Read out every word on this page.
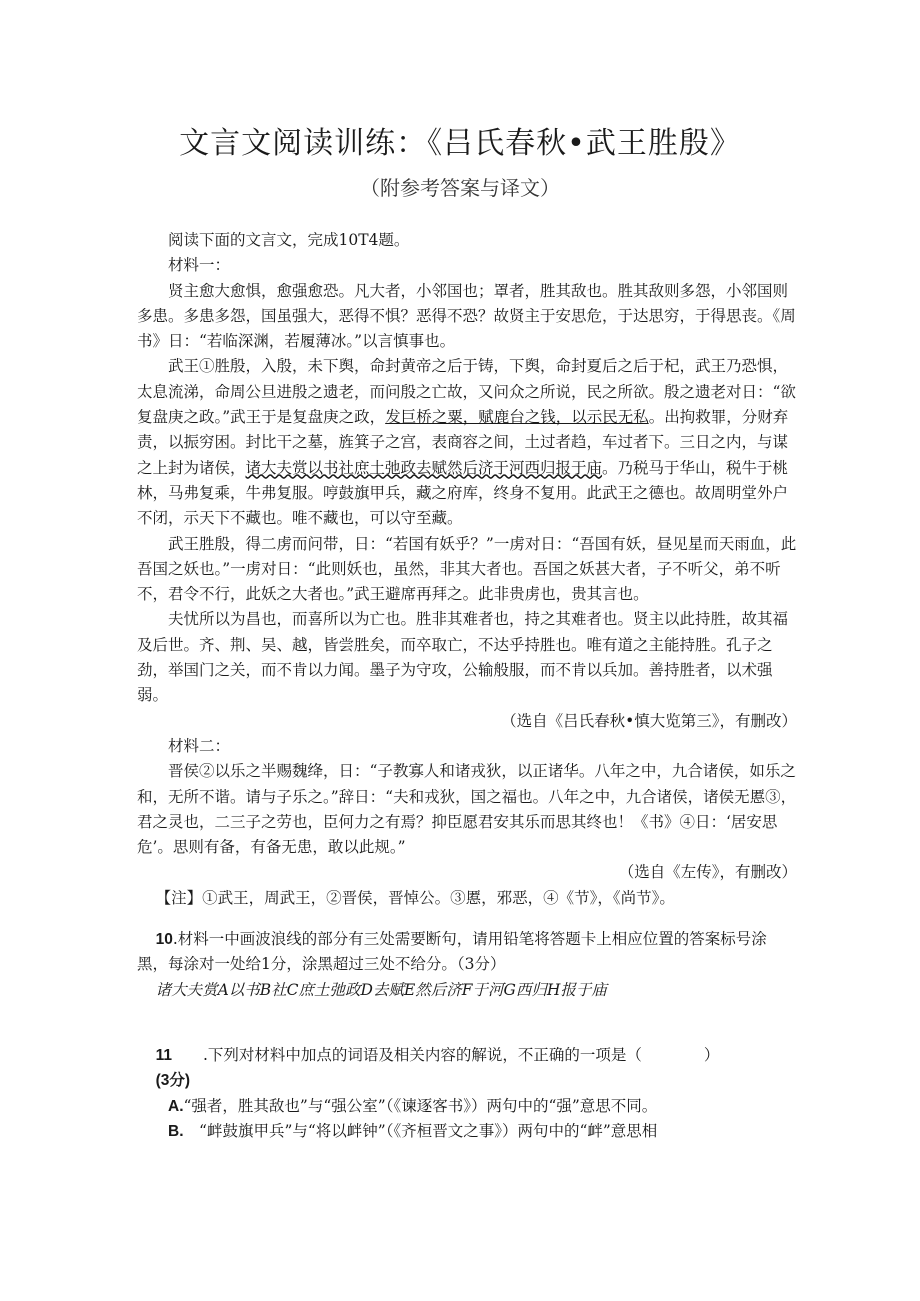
文言文阅读训练：《吕氏春秋•武王胜殷》
（附参考答案与译文）

阅读下面的文言文，完成10T4题。

材料一：

贤主愈大愈惧，愈强愈恐。凡大者，小邻国也；罩者，胜其敌也。胜其敌则多怨，小邻国则多患。多患多怨，国虽强大，恶得不惧？恶得不恐？故贤主于安思危，于达思穷，于得思丧。《周书》日：“若临深渊，若履薄冰。”以言慎事也。

武王①胜殷，入殷，未下舆，命封黄帝之后于铸，下舆，命封夏后之后于杞，武王乃恐惧，太息流涕，命周公旦进殷之遗老，而问殷之亡故，又问众之所说，民之所欲。殷之遗老对日：“欲复盘庚之政。”武王于是复盘庚之政，发巨桥之粟，赋鹿台之钱，以示民无私。出拘救罪，分财弃责，以振穷困。封比干之墓，旌箕子之宫，表商容之间，土过者趋，车过者下。三日之内，与谋之上封为诸侯，诸大夫赏以书社庶土弛政去赋然后济于河西归报于庙。乃税马于华山，税牛于桃林，马弗复乘，牛弗复服。哼鼓旗甲兵，藏之府库，终身不复用。此武王之德也。故周明堂外户不闭，示天下不藏也。唯不藏也，可以守至藏。

武王胜殷，得二虏而问带，日：“若国有妖乎？”一虏对日：“吾国有妖，昼见星而天雨血，此吾国之妖也。”一虏对日：“此则妖也，虽然，非其大者也。吾国之妖甚大者，子不听父，弟不听不，君令不行，此妖之大者也。”武王避席再拜之。此非贵虏也，贵其言也。

夫忧所以为昌也，而喜所以为亡也。胜非其难者也，持之其难者也。贤主以此持胜，故其福及后世。齐、荆、吴、越，皆尝胜矣，而卒取亡，不达乎持胜也。唯有道之主能持胜。孔子之劲，举国门之关，而不肯以力闻。墨子为守攻，公输般服，而不肯以兵加。善持胜者，以术强弱。

（选自《吕氏春秋•慎大览第三》，有删改）

材料二：

晋侯②以乐之半赐魏绛，日：“子教寡人和诸戎狄，以正诸华。八年之中，九合诸侯，如乐之和，无所不谐。请与子乐之。”辞日：“夫和戎狄，国之福也。八年之中，九合诸侯，诸侯无慝③，君之灵也，二三子之劳也，臣何力之有焉？抑臣愿君安其乐而思其终也！《书》④日：‘居安思危’。思则有备，有备无患，敢以此规。”

（选自《左传》，有删改）

【注】①武王，周武王，②晋侯，晋悼公。③慝，邪恶，④《节》，《尚节》。

10.材料一中画波浪线的部分有三处需要断句，请用铅笔将答题卡上相应位置的答案标号涂黑，每涂对一处给1分，涂黑超过三处不给分。（3分）

诸大夫赏A以书B社C庶土弛政D去赋E然后济F于河G西归H报于庙

11　　 .下列对材料中加点的词语及相关内容的解说，不正确的一项是（　　　　）

(3分)

A.“强者，胜其敌也”与“强公室”（《谏逐客书》）两句中的“强”意思不同。

B.　 “衅鼓旗甲兵”与“将以衅钟”（《齐桓晋文之事》）两句中的“衅”意思相
